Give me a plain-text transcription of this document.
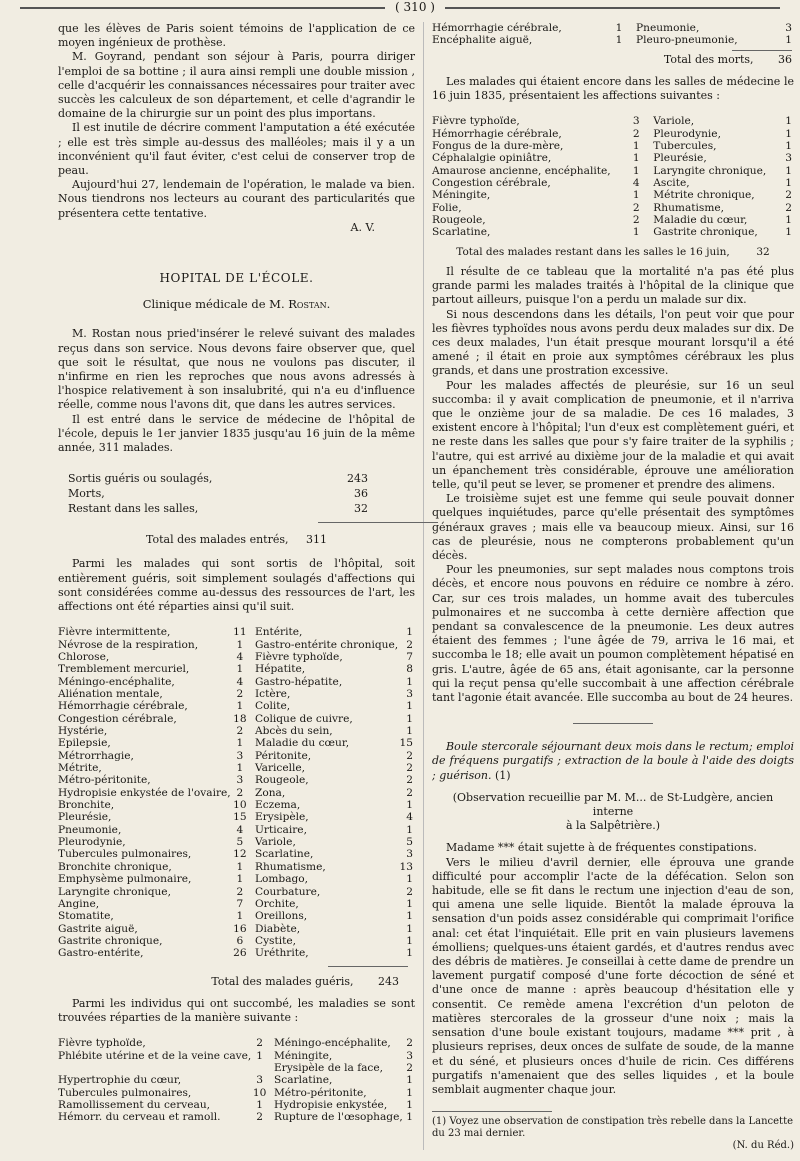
( 310 )

que les élèves de Paris soient témoins de l'application de ce moyen ingénieux de prothèse.

M. Goyrand, pendant son séjour à Paris, pourra diriger l'emploi de sa bottine ; il aura ainsi rempli une double mission , celle d'acquérir les connaissances nécessaires pour traiter avec succès les calculeux de son département, et celle d'agrandir le domaine de la chirurgie sur un point des plus importans.

Il est inutile de décrire comment l'amputation a été exécutée ; elle est très simple au-dessus des malléoles; mais il y a un inconvénient qu'il faut éviter, c'est celui de conserver trop de peau.

Aujourd'hui 27, lendemain de l'opération, le malade va bien. Nous tiendrons nos lecteurs au courant des particularités que présentera cette tentative.

A. V.
HOPITAL DE L'ÉCOLE.
Clinique médicale de M. Rostan.

M. Rostan nous pried'insérer le relevé suivant des malades reçus dans son service. Nous devons faire observer que, quel que soit le résultat, que nous ne voulons pas discuter, il n'infirme en rien les reproches que nous avons adressés à l'hospice relativement à son insalubrité, qui n'a eu d'influence réelle, comme nous l'avons dit, que dans les autres services.

Il est entré dans le service de médecine de l'hôpital de l'école, depuis le 1er janvier 1835 jusqu'au 16 juin de la même année, 311 malades.

Sortis guéris ou soulagés,	243
Morts,	36
Restant dans les salles,	32
Total des malades entrés, 311

Parmi les malades qui sont sortis de l'hôpital, soit entièrement guéris, soit simplement soulagés d'affections qui sont considérées comme au-dessus des ressources de l'art, les affections ont été réparties ainsi qu'il suit.

Fièvre intermittente,	11	Entérite,	1
Névrose de la respiration,	1	Gastro-entérite chronique,	2
Chlorose,	4	Fièvre typhoïde,	7
Tremblement mercuriel,	1	Hépatite,	8
Méningo-encéphalite,	4	Gastro-hépatite,	1
Aliénation mentale,	2	Ictère,	3
Hémorrhagie cérébrale,	1	Colite,	1
Congestion cérébrale,	18	Colique de cuivre,	1
Hystérie,	2	Abcès du sein,	1
Epilepsie,	1	Maladie du cœur,	15
Métrorrhagie,	3	Péritonite,	2
Métrite,	1	Varicelle,	2
Métro-péritonite,	3	Rougeole,	2
Hydropisie enkystée de l'ovaire,	2	Zona,	2
Bronchite,	10	Eczema,	1
Pleurésie,	15	Erysipèle,	4
Pneumonie,	4	Urticaire,	1
Pleurodynie,	5	Variole,	5
Tubercules pulmonaires,	12	Scarlatine,	3
Bronchite chronique,	1	Rhumatisme,	13
Emphysème pulmonaire,	1	Lombago,	1
Laryngite chronique,	2	Courbature,	2
Angine,	7	Orchite,	1
Stomatite,	1	Oreillons,	1
Gastrite aiguë,	16	Diabète,	1
Gastrite chronique,	6	Cystite,	1
Gastro-entérite,	26	Uréthrite,	1
Total des malades guéris, 243

Parmi les individus qui ont succombé, les maladies se sont trouvées réparties de la manière suivante :

Fièvre typhoïde,	2	Méningo-encéphalite,	2
Phlébite utérine et de la veine cave,	1	Méningite,	3
		Erysipèle de la face,	2
Hypertrophie du cœur,	3	Scarlatine,	1
Tubercules pulmonaires,	10	Métro-péritonite,	1
Ramollissement du cerveau,	1	Hydropisie enkystée,	1
Hémorr. du cerveau et ramoll.	2	Rupture de l'œsophage,	1
Hémorrhagie cérébrale,	1	Pneumonie,	3
Encéphalite aiguë,	1	Pleuro-pneumonie,	1
Total des morts, 36

Les malades qui étaient encore dans les salles de médecine le 16 juin 1835, présentaient les affections suivantes :

Fièvre typhoïde,	3	Variole,	1
Hémorrhagie cérébrale,	2	Pleurodynie,	1
Fongus de la dure-mère,	1	Tubercules,	1
Céphalalgie opiniâtre,	1	Pleurésie,	3
Amaurose ancienne, encéphalite,	1	Laryngite chronique,	1
Congestion cérébrale,	4	Ascite,	1
Méningite,	1	Métrite chronique,	2
Folie,	2	Rhumatisme,	2
Rougeole,	2	Maladie du cœur,	1
Scarlatine,	1	Gastrite chronique,	1
Total des malades restant dans les salles le 16 juin,	32

Il résulte de ce tableau que la mortalité n'a pas été plus grande parmi les malades traités à l'hôpital de la clinique que partout ailleurs, puisque l'on a perdu un malade sur dix.

Si nous descendons dans les détails, l'on peut voir que pour les fièvres typhoïdes nous avons perdu deux malades sur dix. De ces deux malades, l'un était presque mourant lorsqu'il a été amené ; il était en proie aux symptômes cérébraux les plus grands, et dans une prostration excessive.

Pour les malades affectés de pleurésie, sur 16 un seul succomba: il y avait complication de pneumonie, et il n'arriva que le onzième jour de sa maladie. De ces 16 malades, 3 existent encore à l'hôpital; l'un d'eux est complètement guéri, et ne reste dans les salles que pour s'y faire traiter de la syphilis ; l'autre, qui est arrivé au dixième jour de la maladie et qui avait un épanchement très considérable, éprouve une amélioration telle, qu'il peut se lever, se promener et prendre des alimens.

Le troisième sujet est une femme qui seule pouvait donner quelques inquiétudes, parce qu'elle présentait des symptômes généraux graves ; mais elle va beaucoup mieux. Ainsi, sur 16 cas de pleurésie, nous ne compterons probablement qu'un décès.

Pour les pneumonies, sur sept malades nous comptons trois décès, et encore nous pouvons en réduire ce nombre à zéro. Car, sur ces trois malades, un homme avait des tubercules pulmonaires et ne succomba à cette dernière affection que pendant sa convalescence de la pneumonie. Les deux autres étaient des femmes ; l'une âgée de 79, arriva le 16 mai, et succomba le 18; elle avait un poumon complètement hépatisé en gris. L'autre, âgée de 65 ans, était agonisante, car la personne qui la reçut pensa qu'elle succombait à une affection cérébrale tant l'agonie était avancée. Elle succomba au bout de 24 heures.

Boule stercorale séjournant deux mois dans le rectum; emploi de fréquens purgatifs ; extraction de la boule à l'aide des doigts ; guérison. (1)

(Observation recueillie par M. M... de St-Ludgère, ancien interne
à la Salpêtrière.)

Madame *** était sujette à de fréquentes constipations.

Vers le milieu d'avril dernier, elle éprouva une grande difficulté pour accomplir l'acte de la défécation. Selon son habitude, elle se fit dans le rectum une injection d'eau de son, qui amena une selle liquide. Bientôt la malade éprouva la sensation d'un poids assez considérable qui comprimait l'orifice anal: cet état l'inquiétait. Elle prit en vain plusieurs lavemens émolliens; quelques-uns étaient gardés, et d'autres rendus avec des débris de matières. Je conseillai à cette dame de prendre un lavement purgatif composé d'une forte décoction de séné et d'une once de manne : après beaucoup d'hésitation elle y consentit. Ce remède amena l'excrétion d'un peloton de matières stercorales de la grosseur d'une noix ; mais la sensation d'une boule existant toujours, madame *** prit , à plusieurs reprises, deux onces de sulfate de soude, de la manne et du séné, et plusieurs onces d'huile de ricin. Ces différens purgatifs n'amenaient que des selles liquides , et la boule semblait augmenter chaque jour.

(1) Voyez une observation de constipation très rebelle dans la Lancette du 23 mai dernier.
(N. du Réd.)
